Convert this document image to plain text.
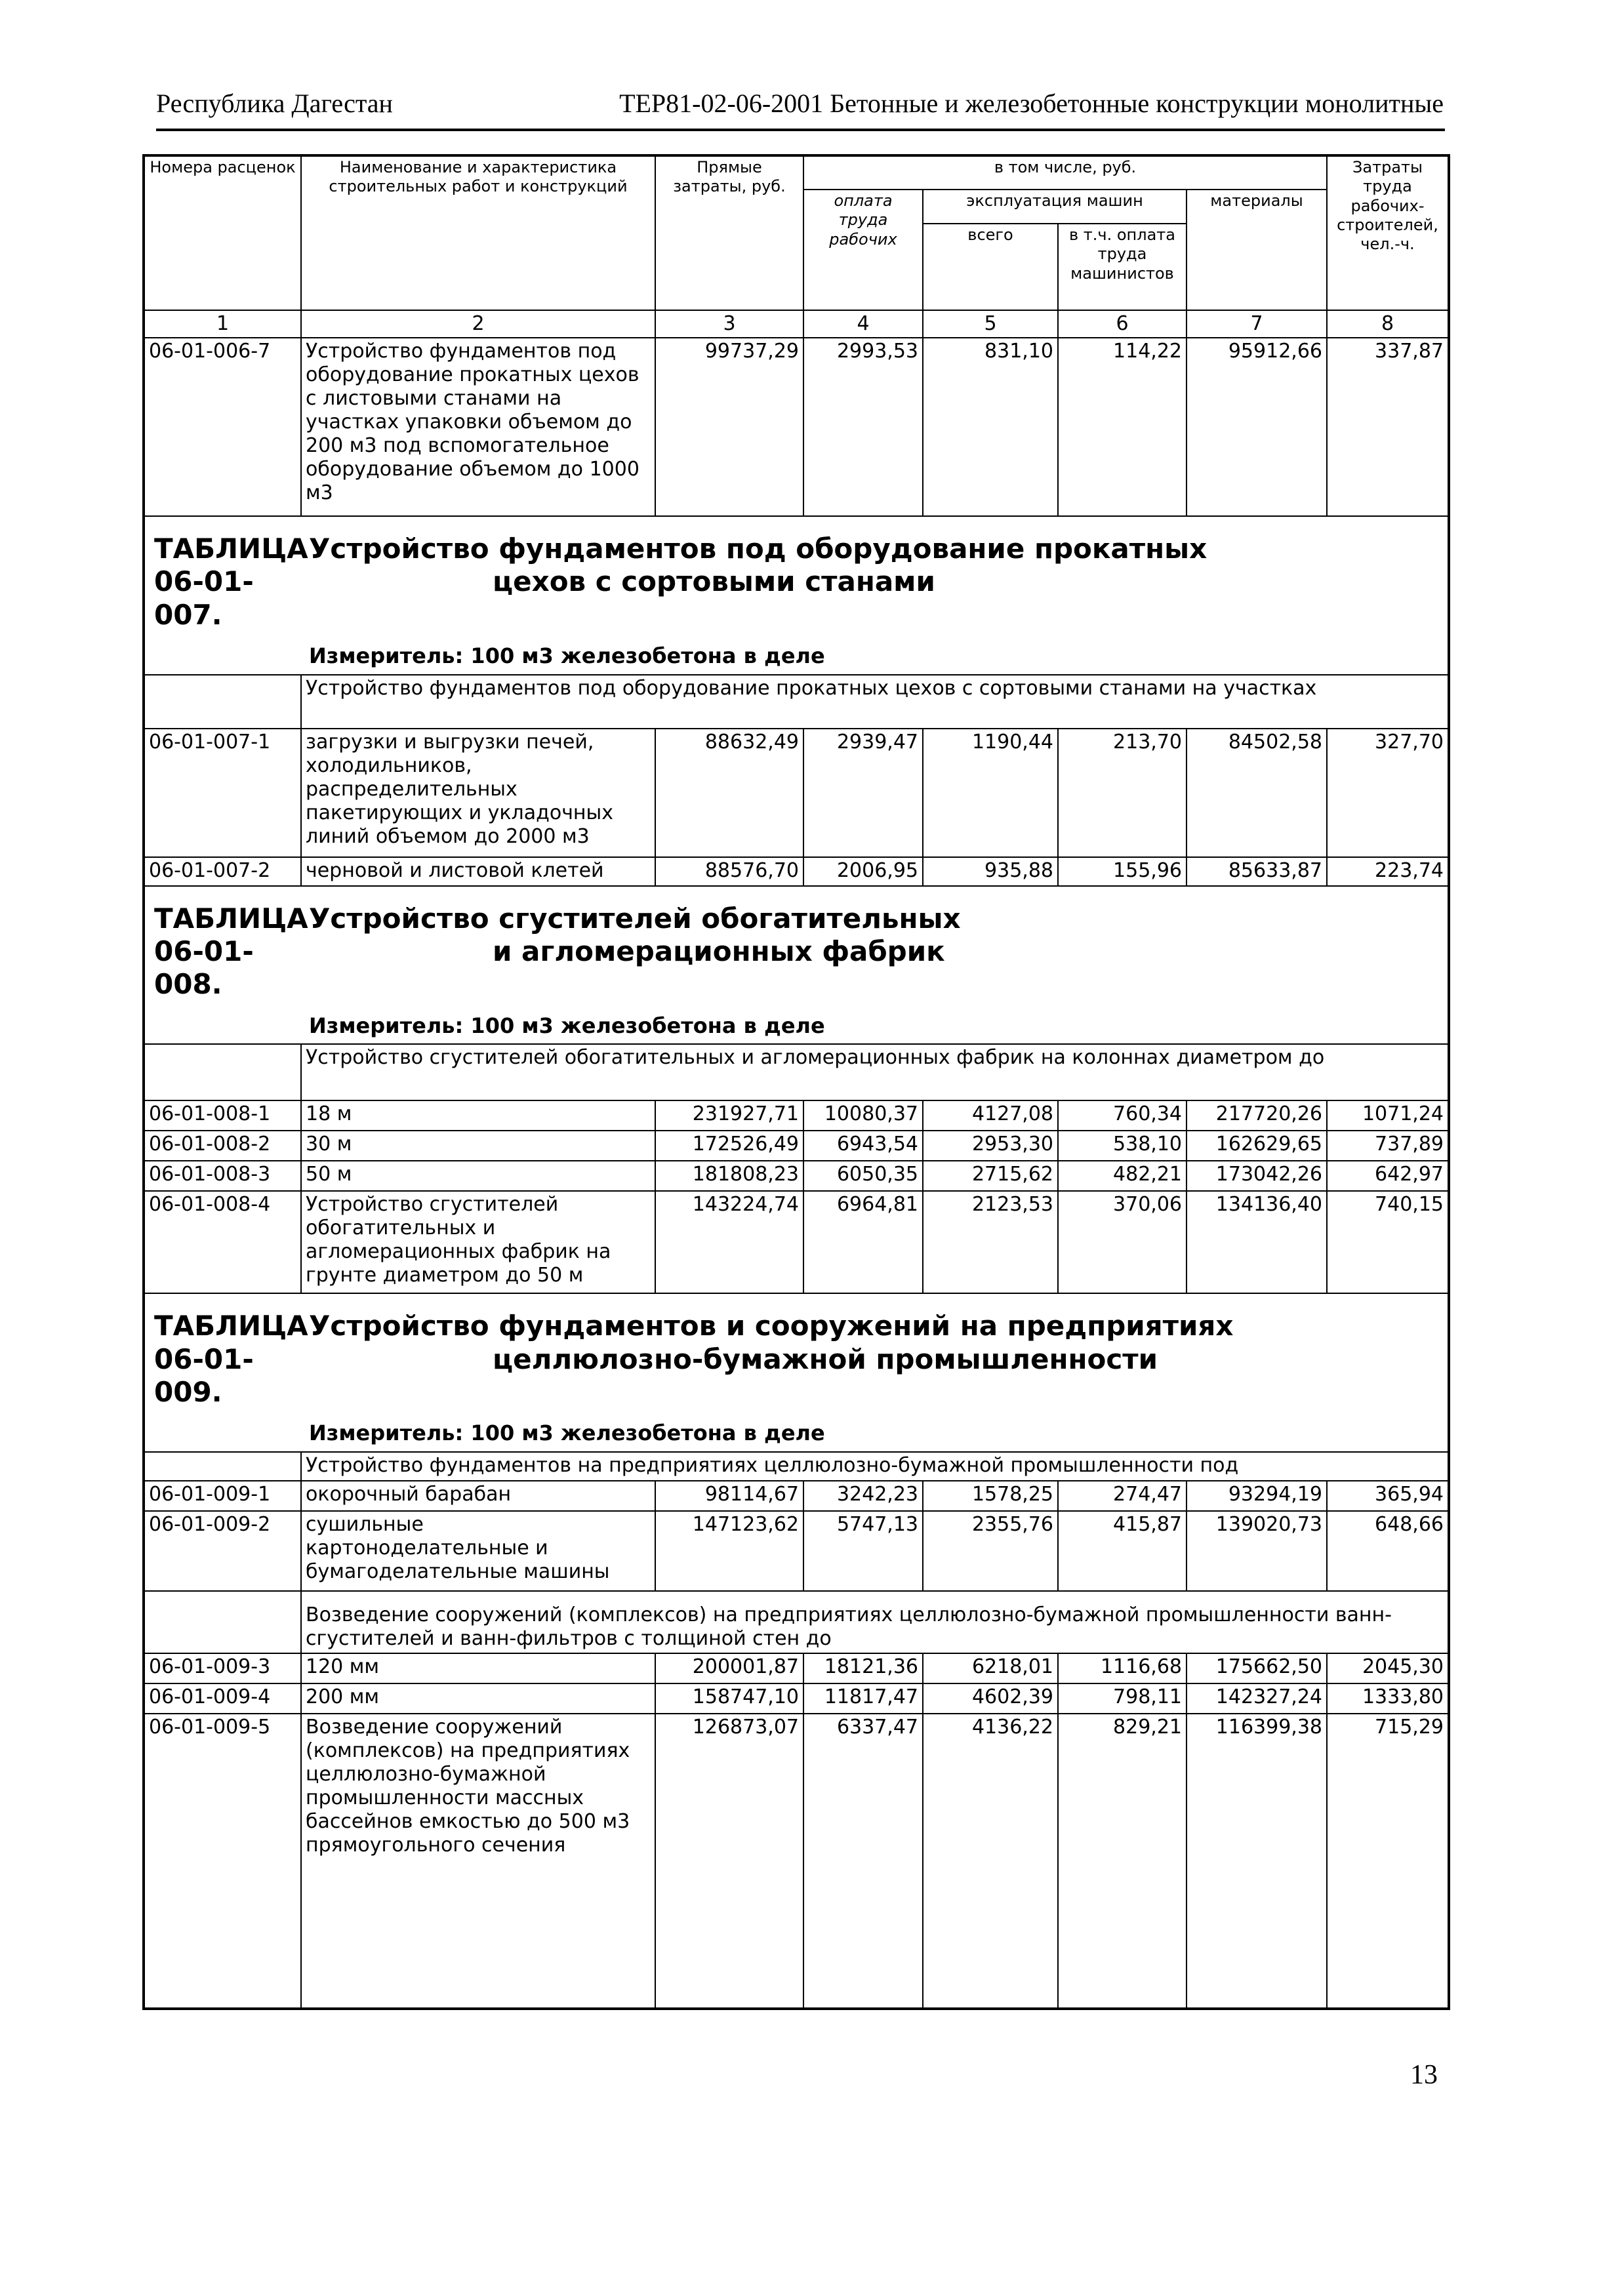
Республика Дагестан	ТЕР81-02-06-2001 Бетонные и железобетонные конструкции монолитные
Номера расценок	Наименование и характеристика строительных работ и конструкций	Прямые затраты, руб.	в том числе, руб.				Затраты труда рабочих-строителей, чел.-ч.
			оплата труда рабочих	эксплуатация машин		материалы	
				всего	в т.ч. оплата труда машинистов		
1	2	3	4	5	6	7	8
06-01-006-7	Устройство фундаментов под оборудование прокатных цехов с листовыми станами на участках упаковки объемом до 200 м3 под вспомогательное оборудование объемом до 1000 м3	99737,29	2993,53	831,10	114,22	95912,66	337,87

ТАБЛИЦА 06-01-007.
Устройство фундаментов под оборудование прокатных
цехов с сортовыми станами
Измеритель: 100 м3 железобетона в деле							

	Устройство фундаментов под оборудование прокатных цехов с сортовыми станами на участках						
06-01-007-1	загрузки и выгрузки печей, холодильников, распределительных пакетирующих и укладочных линий объемом до 2000 м3	88632,49	2939,47	1190,44	213,70	84502,58	327,70
06-01-007-2	черновой и листовой клетей	88576,70	2006,95	935,88	155,96	85633,87	223,74

ТАБЛИЦА 06-01-008.
Устройство сгустителей обогатительных
и агломерационных фабрик
Измеритель: 100 м3 железобетона в деле							

	Устройство сгустителей обогатительных и агломерационных фабрик на колоннах диаметром до						
06-01-008-1	18 м	231927,71	10080,37	4127,08	760,34	217720,26	1071,24
06-01-008-2	30 м	172526,49	6943,54	2953,30	538,10	162629,65	737,89
06-01-008-3	50 м	181808,23	6050,35	2715,62	482,21	173042,26	642,97
06-01-008-4	Устройство сгустителей обогатительных и агломерационных фабрик на грунте диаметром до 50 м	143224,74	6964,81	2123,53	370,06	134136,40	740,15

ТАБЛИЦА 06-01-009.
Устройство фундаментов и сооружений на предприятиях
целлюлозно-бумажной промышленности
Измеритель: 100 м3 железобетона в деле							

	Устройство фундаментов на предприятиях целлюлозно-бумажной промышленности под						
06-01-009-1	окорочный барабан	98114,67	3242,23	1578,25	274,47	93294,19	365,94
06-01-009-2	сушильные картоноделательные и бумагоделательные машины	147123,62	5747,13	2355,76	415,87	139020,73	648,66
	Возведение сооружений (комплексов) на предприятиях целлюлозно-бумажной промышленности ванн-сгустителей и ванн-фильтров с толщиной стен до						
06-01-009-3	120 мм	200001,87	18121,36	6218,01	1116,68	175662,50	2045,30
06-01-009-4	200 мм	158747,10	11817,47	4602,39	798,11	142327,24	1333,80
06-01-009-5	Возведение сооружений (комплексов) на предприятиях целлюлозно-бумажной промышленности массных бассейнов емкостью до 500 м3 прямоугольного сечения	126873,07	6337,47	4136,22	829,21	116399,38	715,29

13
